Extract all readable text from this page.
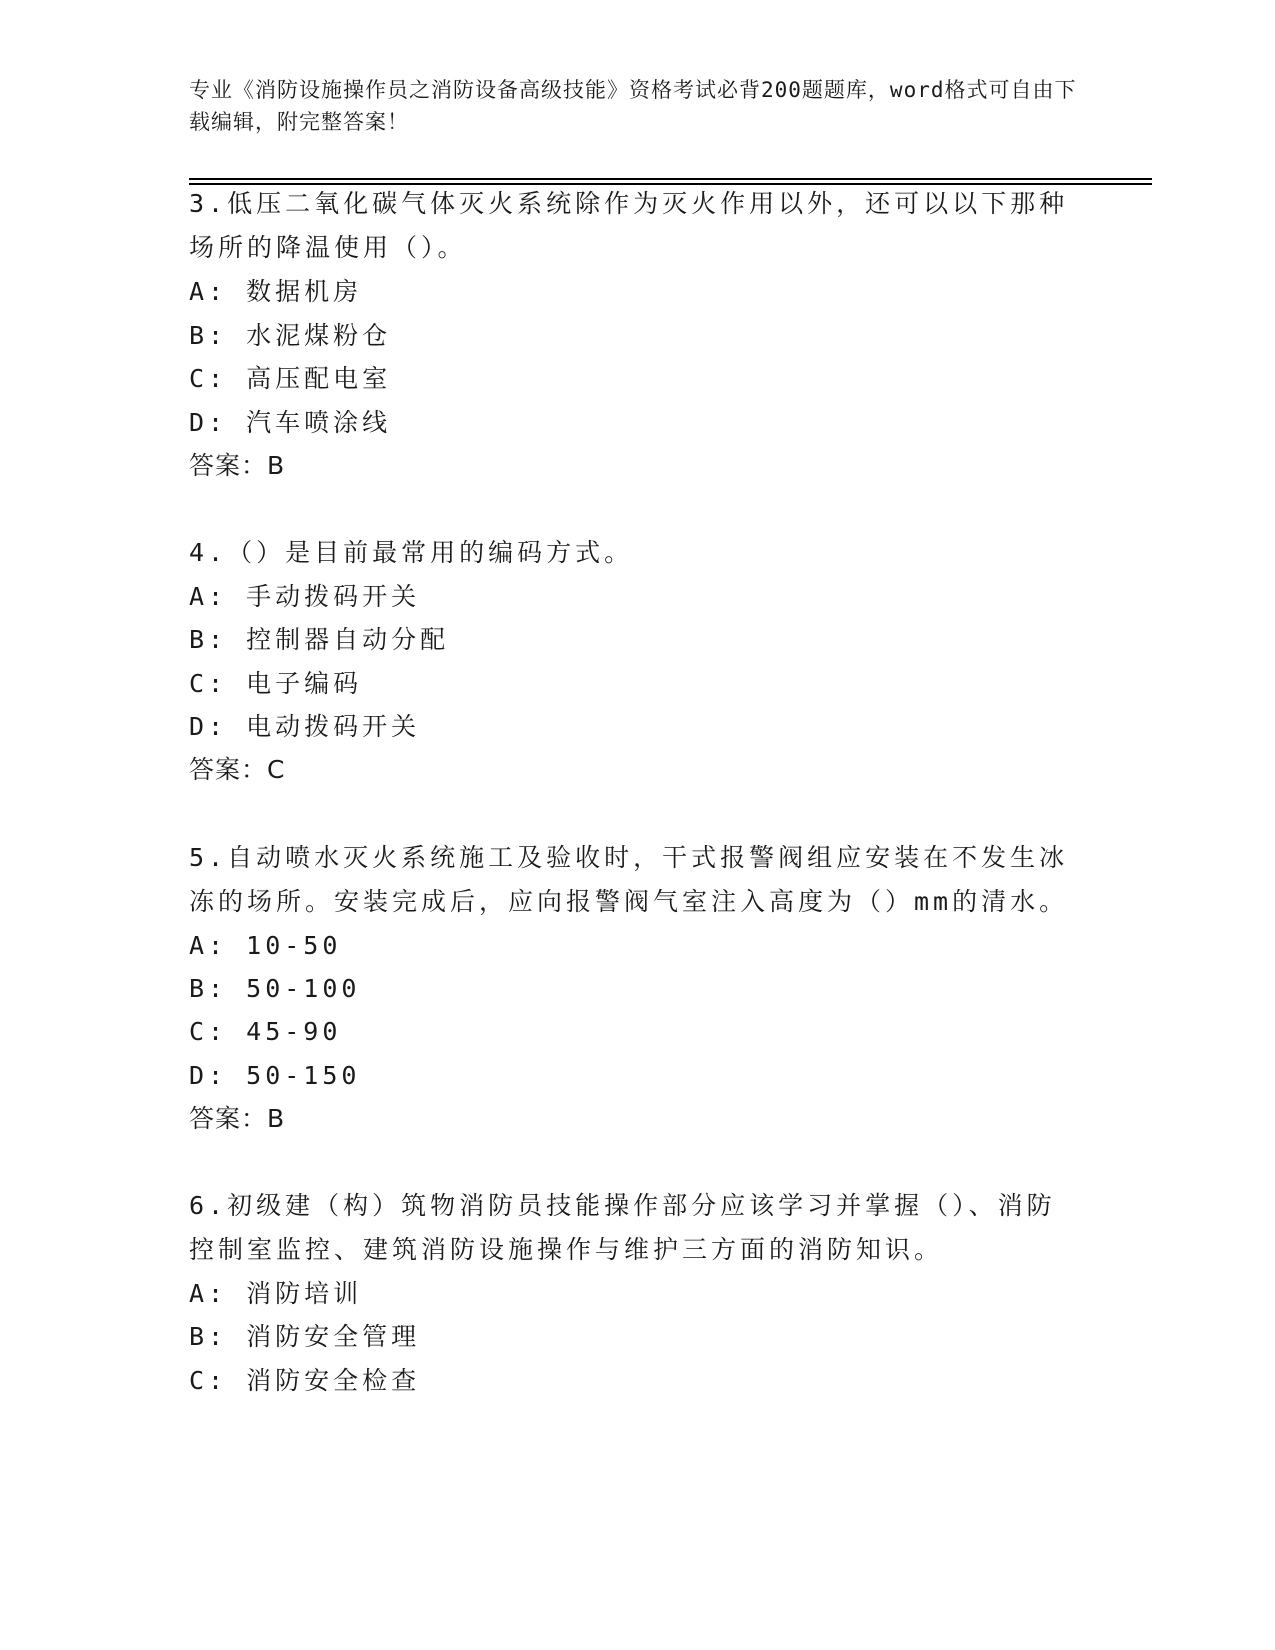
专业《消防设施操作员之消防设备高级技能》资格考试必背200题题库，word格式可自由下载编辑，附完整答案！
3.低压二氧化碳气体灭火系统除作为灭火作用以外，还可以以下那种
场所的降温使用（）。
A: 数据机房
B: 水泥煤粉仓
C: 高压配电室
D: 汽车喷涂线
答案：B
4.（）是目前最常用的编码方式。
A: 手动拨码开关
B: 控制器自动分配
C: 电子编码
D: 电动拨码开关
答案：C
5.自动喷水灭火系统施工及验收时，干式报警阀组应安装在不发生冰
冻的场所。安装完成后，应向报警阀气室注入高度为（）mm的清水。
A: 10-50
B: 50-100
C: 45-90
D: 50-150
答案：B
6.初级建（构）筑物消防员技能操作部分应该学习并掌握（）、消防
控制室监控、建筑消防设施操作与维护三方面的消防知识。
A: 消防培训
B: 消防安全管理
C: 消防安全检查
